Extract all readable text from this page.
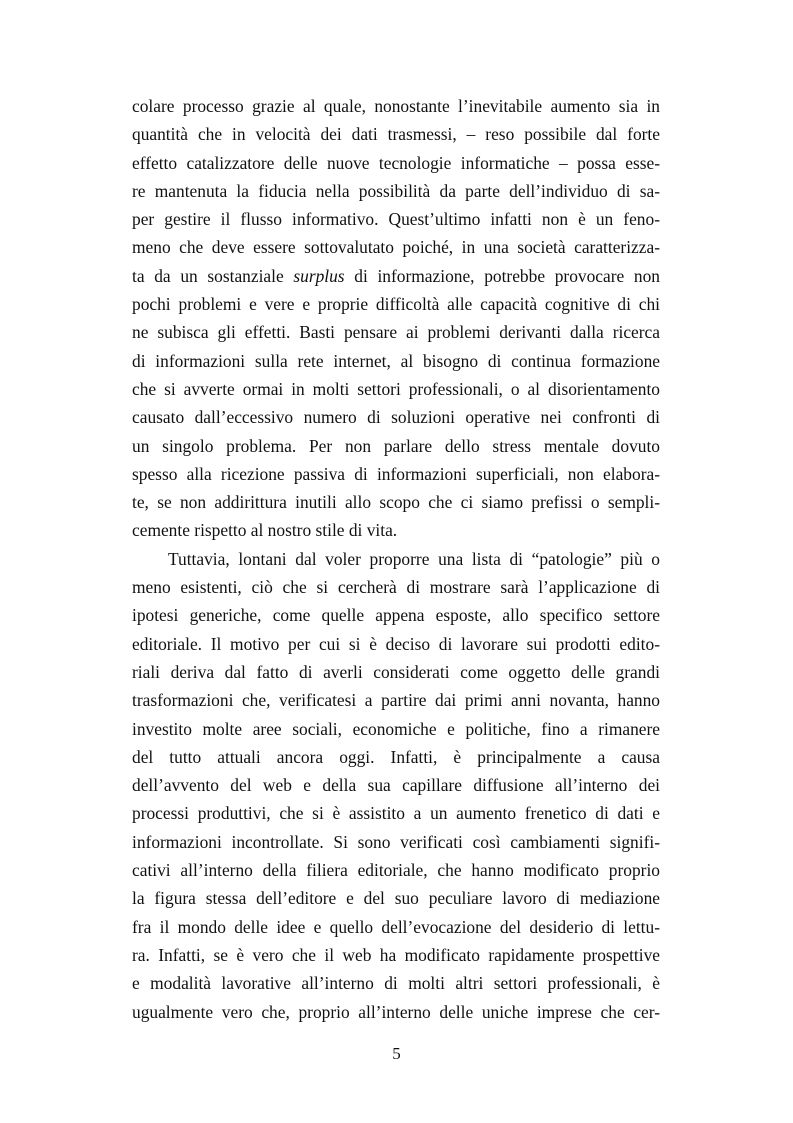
colare processo grazie al quale, nonostante l’inevitabile aumento sia in
quantità che in velocità dei dati trasmessi, – reso possibile dal forte
effetto catalizzatore delle nuove tecnologie informatiche – possa esse-
re mantenuta la fiducia nella possibilità da parte dell’individuo di sa-
per gestire il flusso informativo. Quest’ultimo infatti non è un feno-
meno che deve essere sottovalutato poiché, in una società caratterizza-
ta da un sostanziale surplus di informazione, potrebbe provocare non
pochi problemi e vere e proprie difficoltà alle capacità cognitive di chi
ne subisca gli effetti. Basti pensare ai problemi derivanti dalla ricerca
di informazioni sulla rete internet, al bisogno di continua formazione
che si avverte ormai in molti settori professionali, o al disorientamento
causato dall’eccessivo numero di soluzioni operative nei confronti di
un singolo problema. Per non parlare dello stress mentale dovuto
spesso alla ricezione passiva di informazioni superficiali, non elabora-
te, se non addirittura inutili allo scopo che ci siamo prefissi o sempli-
cemente rispetto al nostro stile di vita.
Tuttavia, lontani dal voler proporre una lista di “patologie” più o
meno esistenti, ciò che si cercherà di mostrare sarà l’applicazione di
ipotesi generiche, come quelle appena esposte, allo specifico settore
editoriale. Il motivo per cui si è deciso di lavorare sui prodotti edito-
riali deriva dal fatto di averli considerati come oggetto delle grandi
trasformazioni che, verificatesi a partire dai primi anni novanta, hanno
investito molte aree sociali, economiche e politiche, fino a rimanere
del tutto attuali ancora oggi. Infatti, è principalmente a causa
dell’avvento del web e della sua capillare diffusione all’interno dei
processi produttivi, che si è assistito a un aumento frenetico di dati e
informazioni incontrollate. Si sono verificati così cambiamenti signifi-
cativi all’interno della filiera editoriale, che hanno modificato proprio
la figura stessa dell’editore e del suo peculiare lavoro di mediazione
fra il mondo delle idee e quello dell’evocazione del desiderio di lettu-
ra. Infatti, se è vero che il web ha modificato rapidamente prospettive
e modalità lavorative all’interno di molti altri settori professionali, è
ugualmente vero che, proprio all’interno delle uniche imprese che cer-
5
